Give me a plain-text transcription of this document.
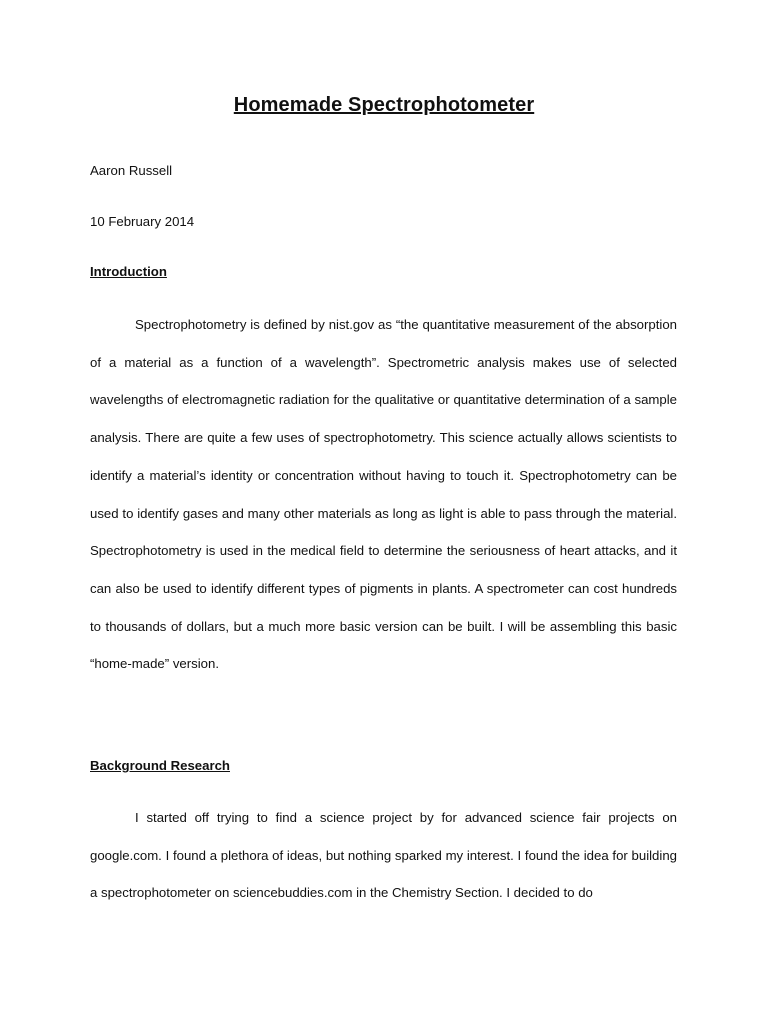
Homemade Spectrophotometer
Aaron Russell
10 February 2014
Introduction
Spectrophotometry is defined by nist.gov as “the quantitative measurement of the absorption of a material as a function of a wavelength”. Spectrometric analysis makes use of selected wavelengths of electromagnetic radiation for the qualitative or quantitative determination of a sample analysis. There are quite a few uses of spectrophotometry. This science actually allows scientists to identify a material’s identity or concentration without having to touch it. Spectrophotometry can be used to identify gases and many other materials as long as light is able to pass through the material. Spectrophotometry is used in the medical field to determine the seriousness of heart attacks, and it can also be used to identify different types of pigments in plants. A spectrometer can cost hundreds to thousands of dollars, but a much more basic version can be built. I will be assembling this basic “home-made” version.
Background Research
I started off trying to find a science project by for advanced science fair projects on google.com. I found a plethora of ideas, but nothing sparked my interest. I found the idea for building a spectrophotometer on sciencebuddies.com in the Chemistry Section. I decided to do
